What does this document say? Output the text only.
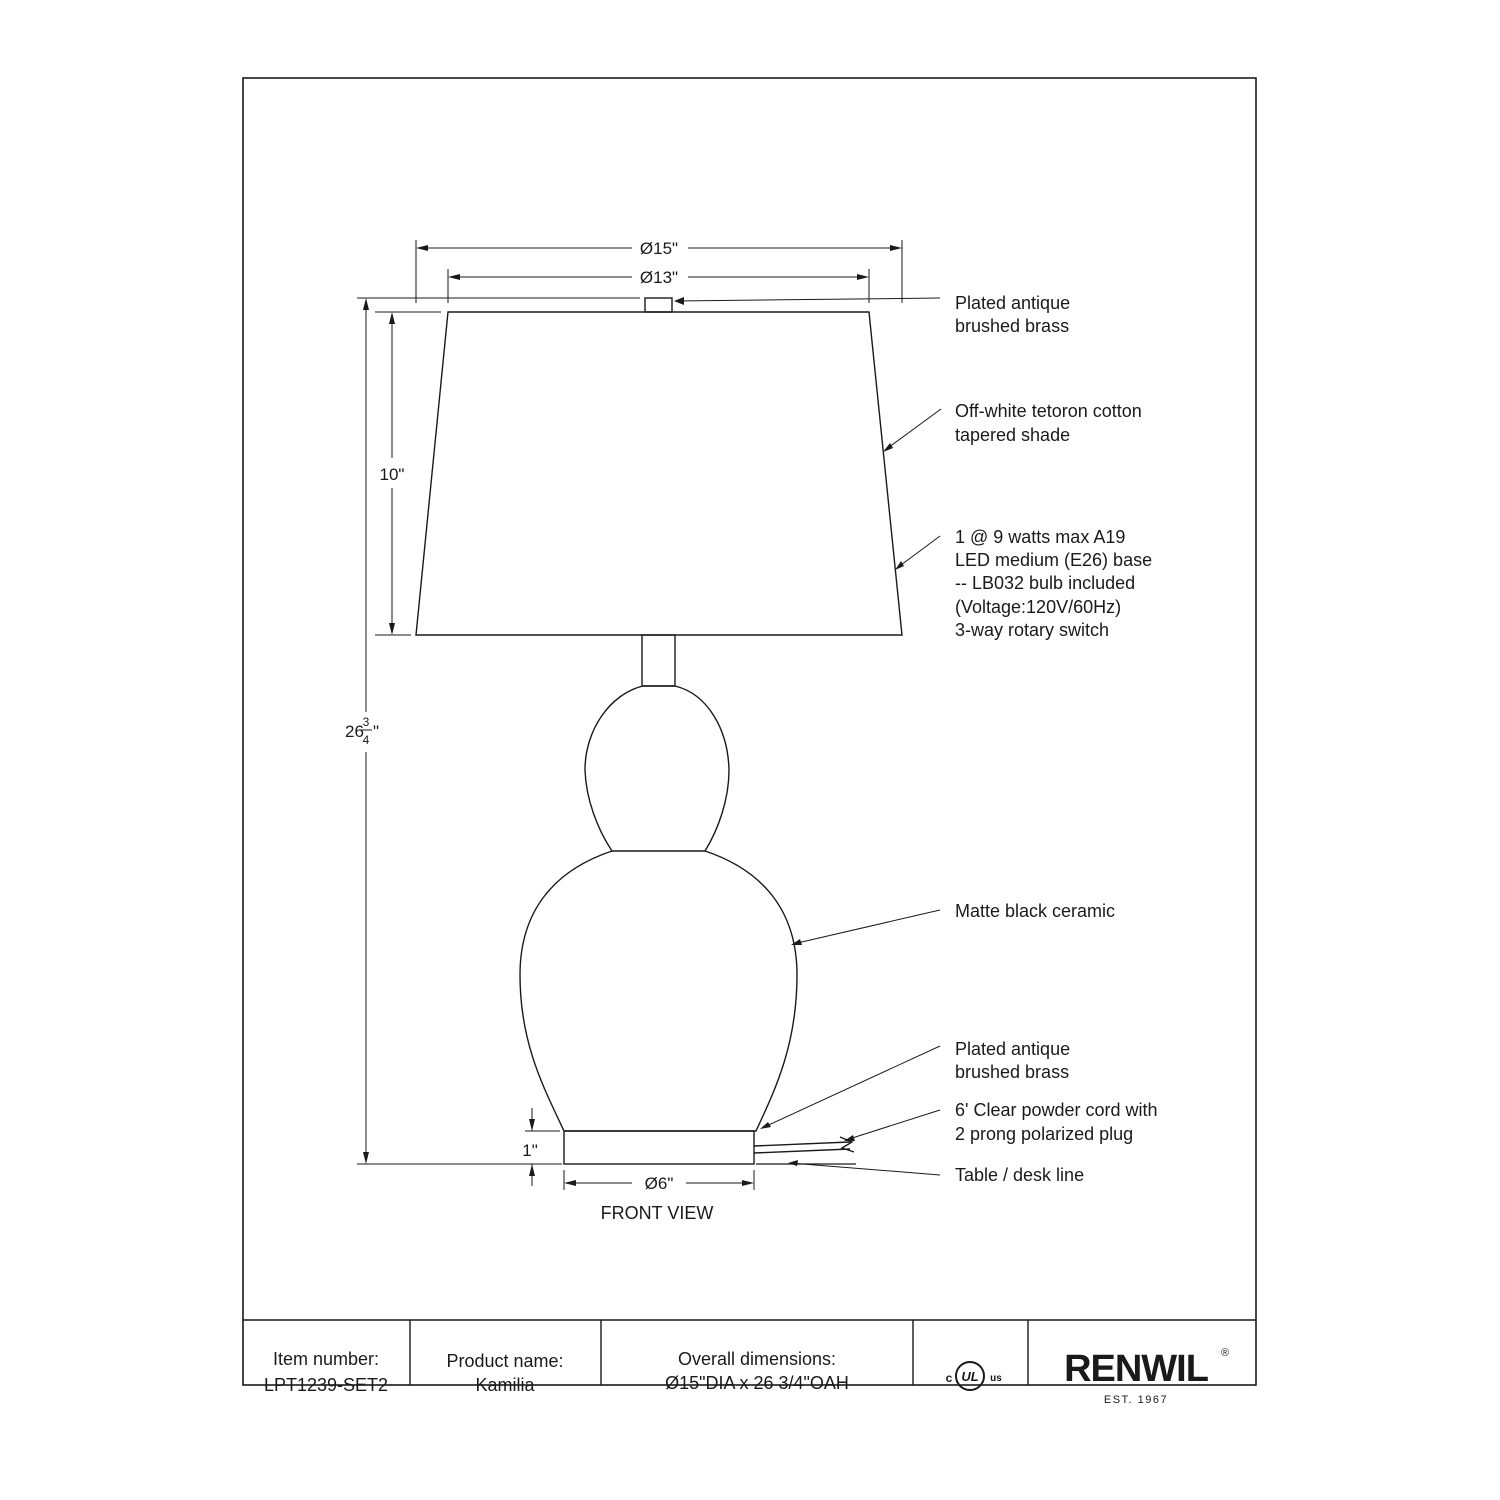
Ø15"
Ø13"
10"
1"
Ø6"
26
3
4 "
FRONT VIEW
Plated antique brushed brass
Off-white tetoron cotton tapered shade
1 @ 9 watts max A19 LED medium (E26) base -- LB032 bulb included (Voltage:120V/60Hz) 3-way rotary switch
Matte black ceramic
Plated antique brushed brass
6' Clear powder cord with 2 prong polarized plug
Table / desk line
Item number:
LPT1239-SET2
Product name:
Kamilia
Overall dimensions:
Ø15"DIA x 26 3/4"OAH	c UL us RENWIL ®
EST. 1967
